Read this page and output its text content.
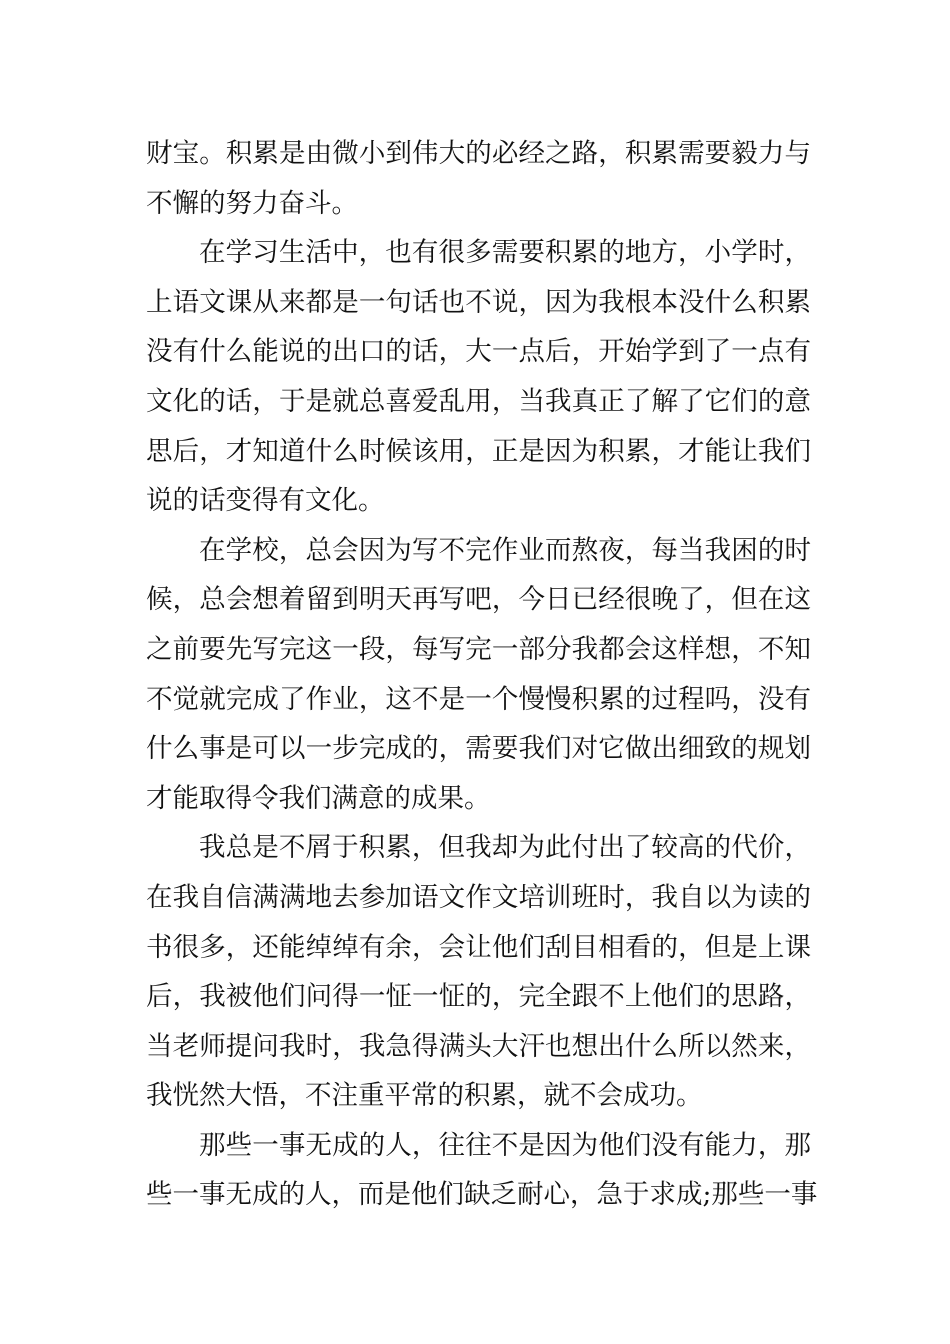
财宝。积累是由微小到伟大的必经之路，积累需要毅力与
不懈的努力奋斗。
在学习生活中，也有很多需要积累的地方，小学时，
上语文课从来都是一句话也不说，因为我根本没什么积累
没有什么能说的出口的话，大一点后，开始学到了一点有
文化的话，于是就总喜爱乱用，当我真正了解了它们的意
思后，才知道什么时候该用，正是因为积累，才能让我们
说的话变得有文化。
在学校，总会因为写不完作业而熬夜，每当我困的时
候，总会想着留到明天再写吧，今日已经很晚了，但在这
之前要先写完这一段，每写完一部分我都会这样想，不知
不觉就完成了作业，这不是一个慢慢积累的过程吗，没有
什么事是可以一步完成的，需要我们对它做出细致的规划
才能取得令我们满意的成果。
我总是不屑于积累，但我却为此付出了较高的代价，
在我自信满满地去参加语文作文培训班时，我自以为读的
书很多，还能绰绰有余，会让他们刮目相看的，但是上课
后，我被他们问得一怔一怔的，完全跟不上他们的思路，
当老师提问我时，我急得满头大汗也想出什么所以然来，
我恍然大悟，不注重平常的积累，就不会成功。
那些一事无成的人，往往不是因为他们没有能力，那
些一事无成的人，而是他们缺乏耐心，急于求成;那些一事
